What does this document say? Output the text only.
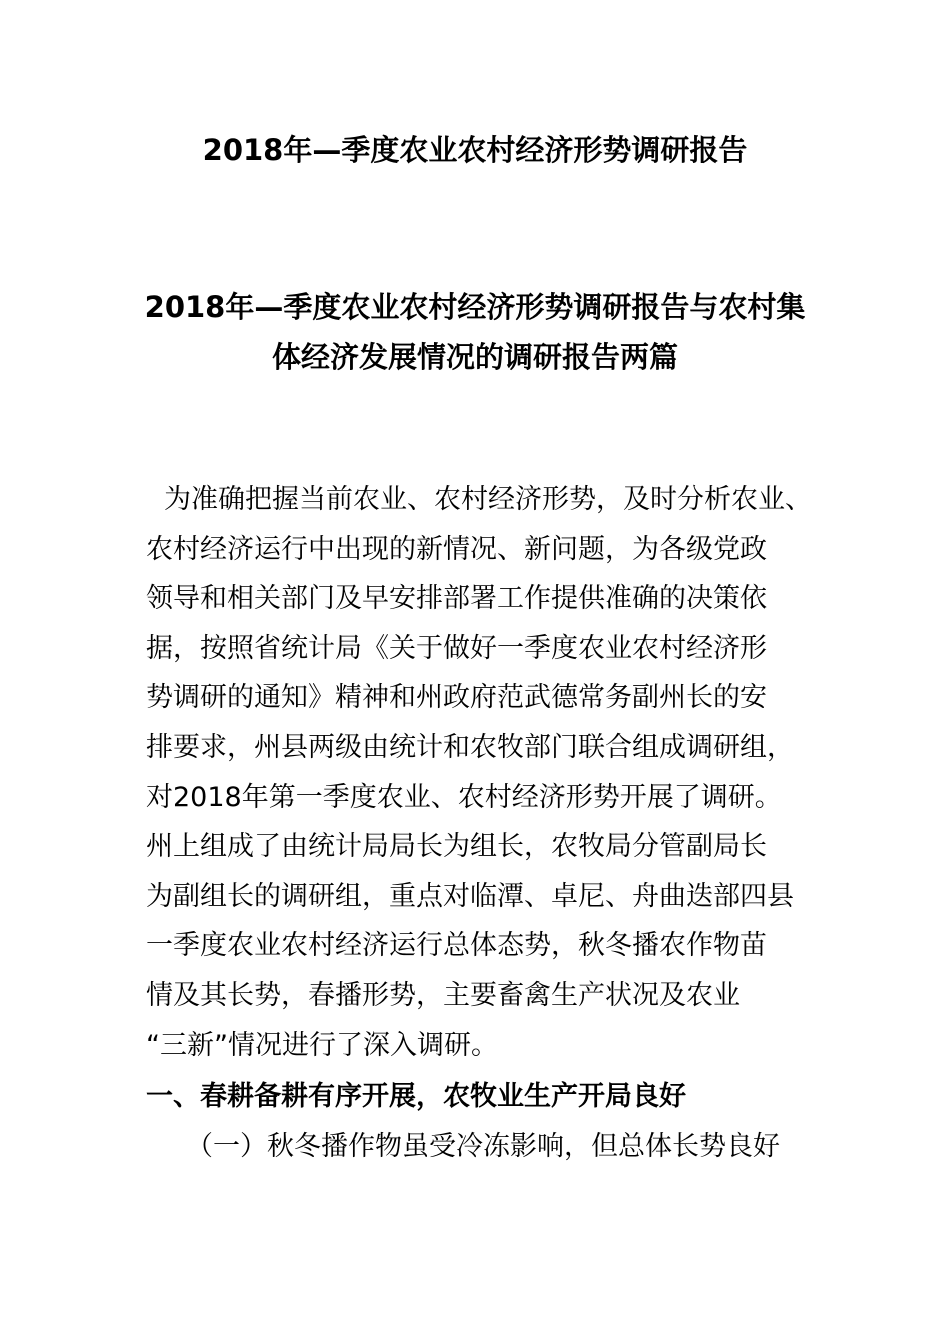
2018年—季度农业农村经济形势调研报告
2018年—季度农业农村经济形势调研报告与农村集
体经济发展情况的调研报告两篇
为准确把握当前农业、农村经济形势，及时分析农业、
农村经济运行中出现的新情况、新问题，为各级党政
领导和相关部门及早安排部署工作提供准确的决策依
据，按照省统计局《关于做好一季度农业农村经济形
势调研的通知》精神和州政府范武德常务副州长的安
排要求，州县两级由统计和农牧部门联合组成调研组，
对2018年第一季度农业、农村经济形势开展了调研。
州上组成了由统计局局长为组长，农牧局分管副局长
为副组长的调研组，重点对临潭、卓尼、舟曲迭部四县
一季度农业农村经济运行总体态势，秋冬播农作物苗
情及其长势，春播形势，主要畜禽生产状况及农业
“三新”情况进行了深入调研。
一、春耕备耕有序开展，农牧业生产开局良好
（一）秋冬播作物虽受冷冻影响，但总体长势良好
